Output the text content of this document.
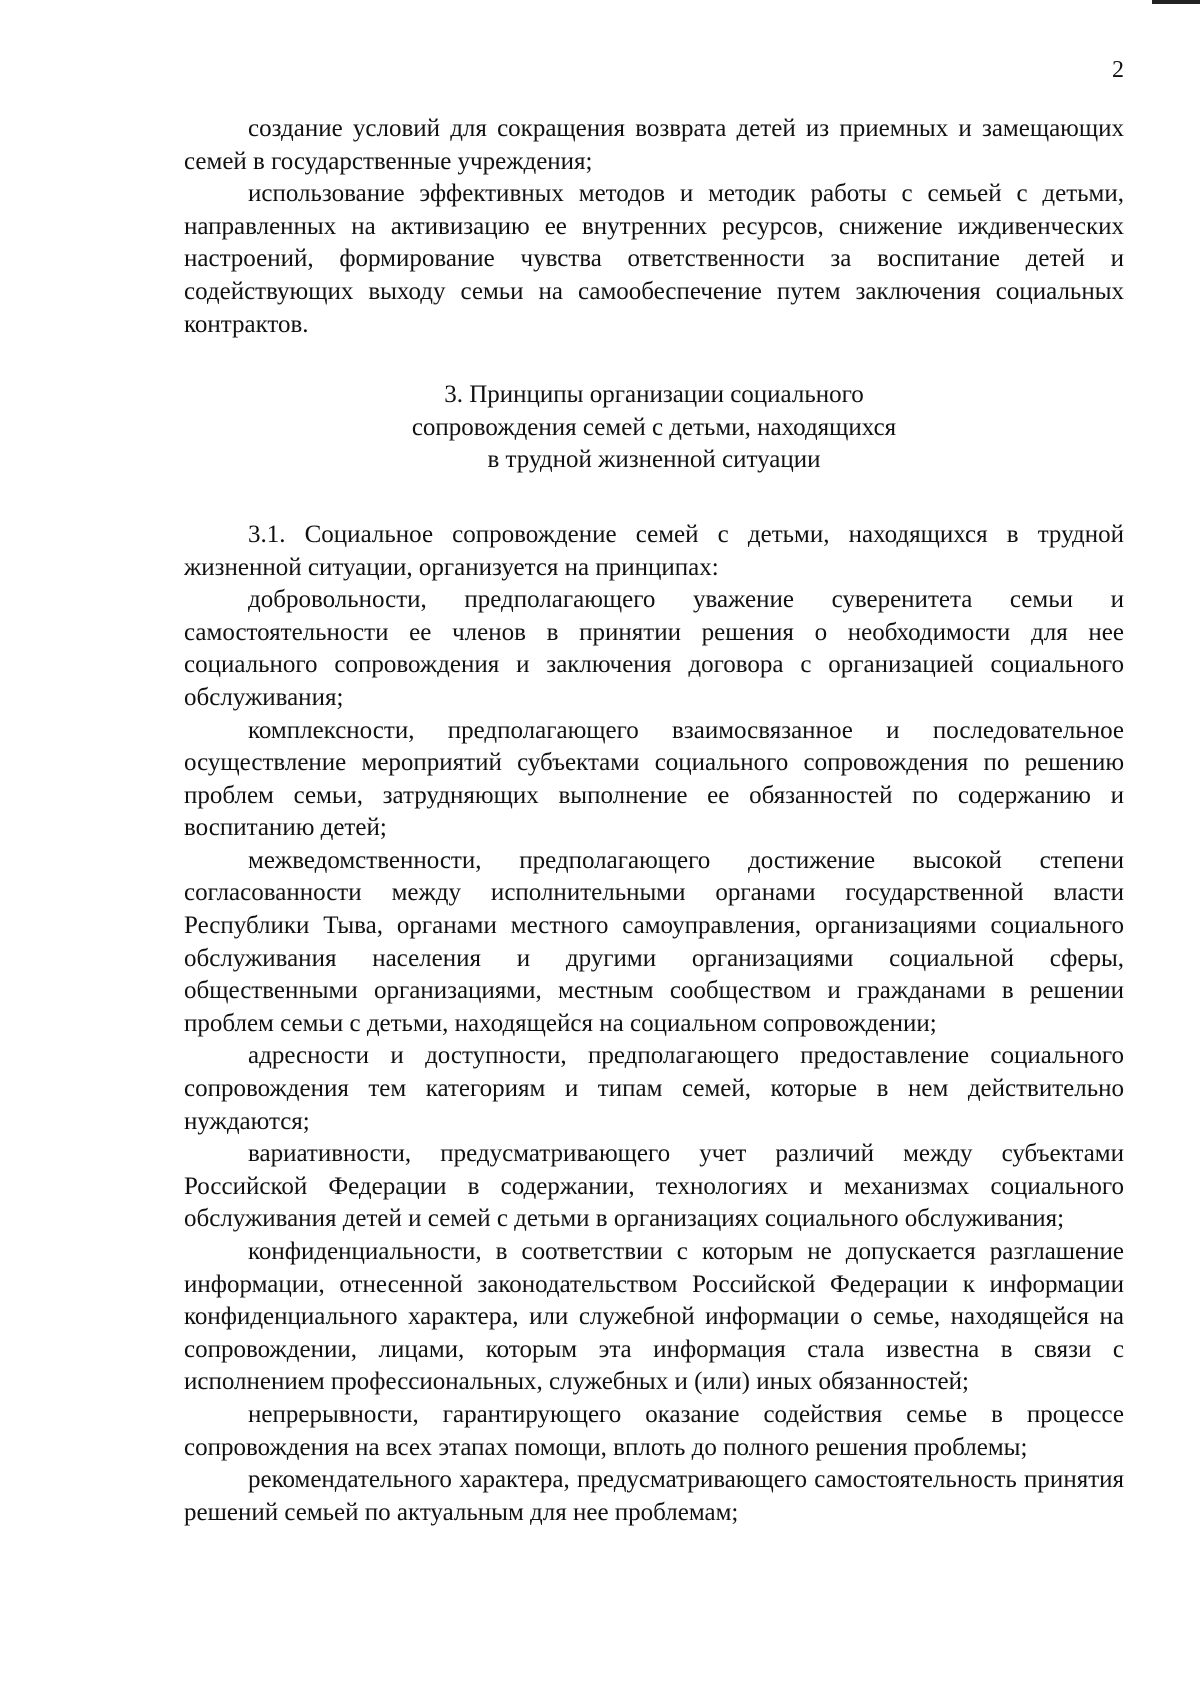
2

создание условий для сокращения возврата детей из приемных и замещающих семей в государственные учреждения;

использование эффективных методов и методик работы с семьей с детьми, направленных на активизацию ее внутренних ресурсов, снижение иждивенческих настроений, формирование чувства ответственности за воспитание детей и содействующих выходу семьи на самообеспечение путем заключения социальных контрактов.

3. Принципы организации социального
сопровождения семей с детьми, находящихся
в трудной жизненной ситуации

3.1. Социальное сопровождение семей с детьми, находящихся в трудной жизненной ситуации, организуется на принципах:

добровольности, предполагающего уважение суверенитета семьи и самостоятельности ее членов в принятии решения о необходимости для нее социального сопровождения и заключения договора с организацией социального обслуживания;

комплексности, предполагающего взаимосвязанное и последовательное осуществление мероприятий субъектами социального сопровождения по решению проблем семьи, затрудняющих выполнение ее обязанностей по содержанию и воспитанию детей;

межведомственности, предполагающего достижение высокой степени согласованности между исполнительными органами государственной власти Республики Тыва, органами местного самоуправления, организациями социального обслуживания населения и другими организациями социальной сферы, общественными организациями, местным сообществом и гражданами в решении проблем семьи с детьми, находящейся на социальном сопровождении;

адресности и доступности, предполагающего предоставление социального сопровождения тем категориям и типам семей, которые в нем действительно нуждаются;

вариативности, предусматривающего учет различий между субъектами Российской Федерации в содержании, технологиях и механизмах социального обслуживания детей и семей с детьми в организациях социального обслуживания;

конфиденциальности, в соответствии с которым не допускается разглашение информации, отнесенной законодательством Российской Федерации к информации конфиденциального характера, или служебной информации о семье, находящейся на сопровождении, лицами, которым эта информация стала известна в связи с исполнением профессиональных, служебных и (или) иных обязанностей;

непрерывности, гарантирующего оказание содействия семье в процессе сопровождения на всех этапах помощи, вплоть до полного решения проблемы;

рекомендательного характера, предусматривающего самостоятельность принятия решений семьей по актуальным для нее проблемам;
